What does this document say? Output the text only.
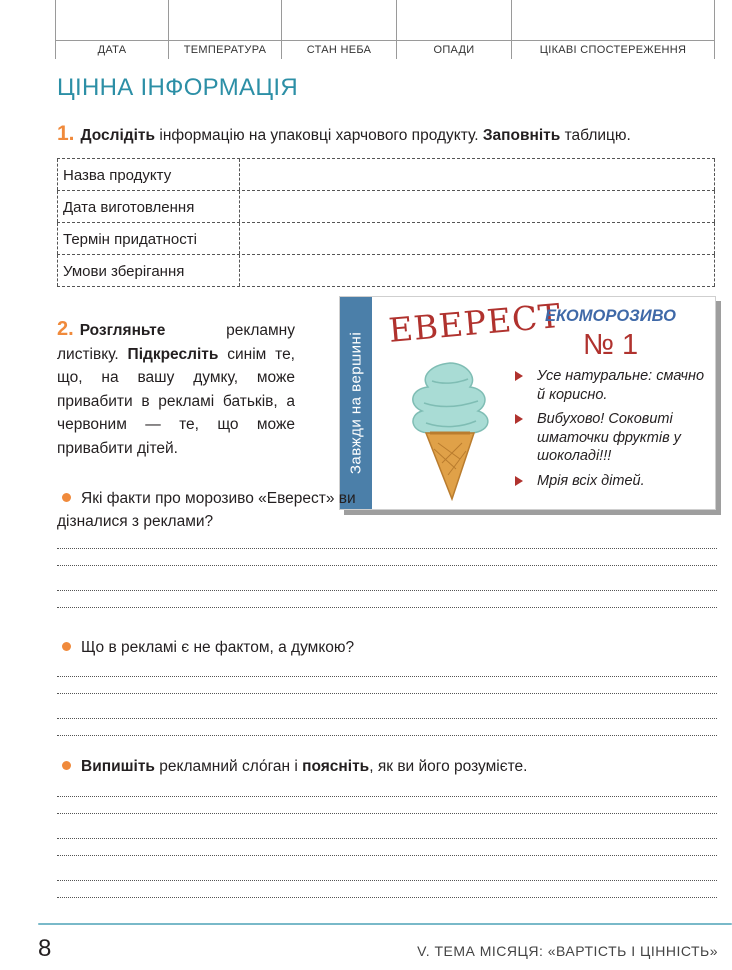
ДАТА	ТЕМПЕРАТУРА	СТАН НЕБА	ОПАДИ	ЦІКАВІ СПОСТЕРЕЖЕННЯ
ЦІННА ІНФОРМАЦІЯ
1. Дослідіть інформацію на упаковці харчового продукту. Заповніть таблицю.
Назва продукту
Дата виготовлення
Термін придатності
Умови зберігання

2. Розгляньте рекламну листівку. Підкресліть синім те, що, на вашу думку, може привабити в рекламі батьків, а червоним — те, що може привабити дітей.	Завжди на вершині
ЕВЕРЕСТ
ЕКОМОРОЗИВО
№ 1
Усе натуральне: смачно й корисно.
Вибухово! Соковиті шматочки фруктів у шоколаді!!!
Мрія всіх дітей.

Які факти про морозиво «Еверест» ви дізналися з реклами?

Що в рекламі є не фактом, а думкою?

Випишіть рекламний сло́ган і поясніть, як ви його розумієте.

8	V. ТЕМА МІСЯЦЯ: «ВАРТІСТЬ І ЦІННІСТЬ»
